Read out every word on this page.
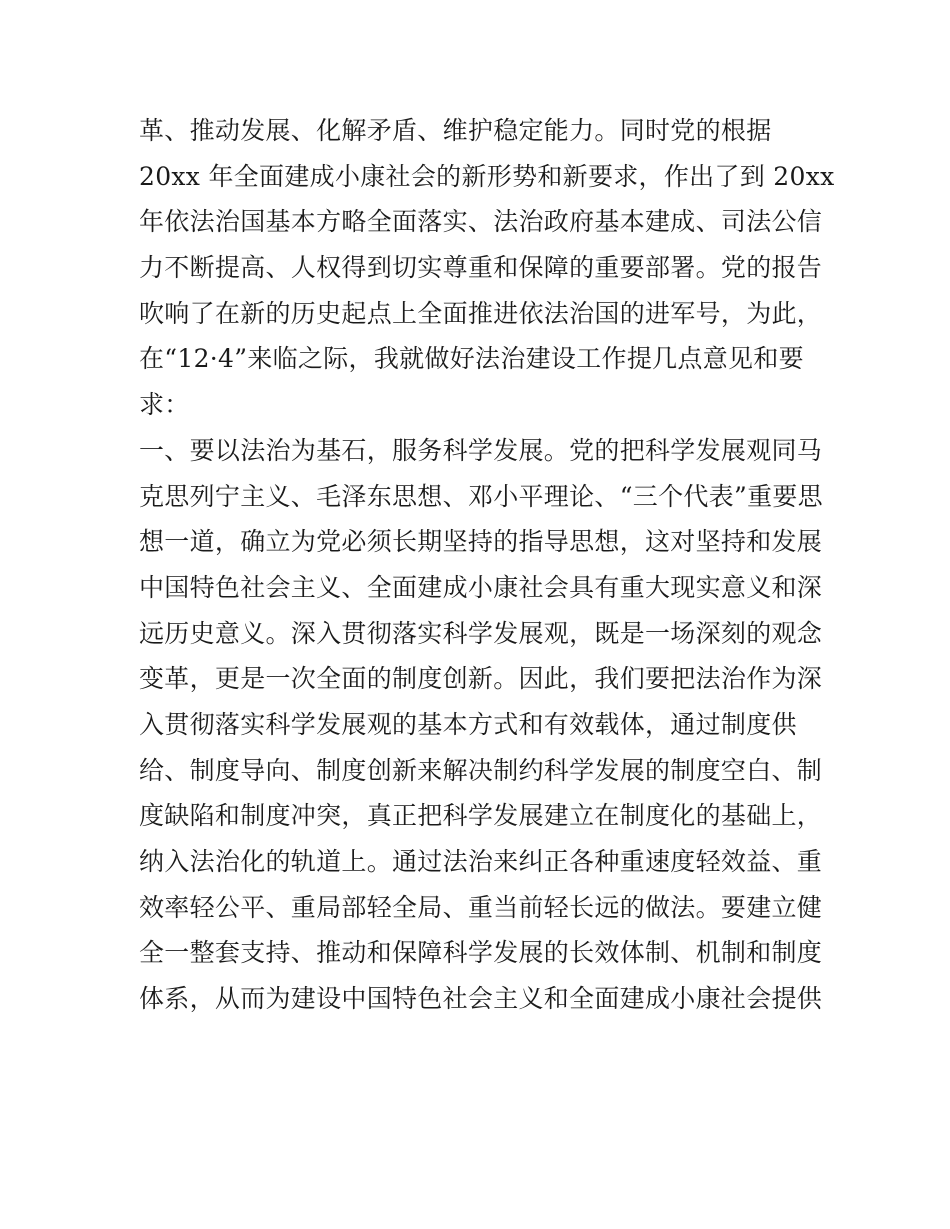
革、推动发展、化解矛盾、维护稳定能力。同时党的根据
20xx 年全面建成小康社会的新形势和新要求，作出了到 20xx
年依法治国基本方略全面落实、法治政府基本建成、司法公信
力不断提高、人权得到切实尊重和保障的重要部署。党的报告
吹响了在新的历史起点上全面推进依法治国的进军号，为此，
在“12·4”来临之际，我就做好法治建设工作提几点意见和要
求：
一、要以法治为基石，服务科学发展。党的把科学发展观同马
克思列宁主义、毛泽东思想、邓小平理论、“三个代表”重要思
想一道，确立为党必须长期坚持的指导思想，这对坚持和发展
中国特色社会主义、全面建成小康社会具有重大现实意义和深
远历史意义。深入贯彻落实科学发展观，既是一场深刻的观念
变革，更是一次全面的制度创新。因此，我们要把法治作为深
入贯彻落实科学发展观的基本方式和有效载体，通过制度供
给、制度导向、制度创新来解决制约科学发展的制度空白、制
度缺陷和制度冲突，真正把科学发展建立在制度化的基础上，
纳入法治化的轨道上。通过法治来纠正各种重速度轻效益、重
效率轻公平、重局部轻全局、重当前轻长远的做法。要建立健
全一整套支持、推动和保障科学发展的长效体制、机制和制度
体系，从而为建设中国特色社会主义和全面建成小康社会提供
